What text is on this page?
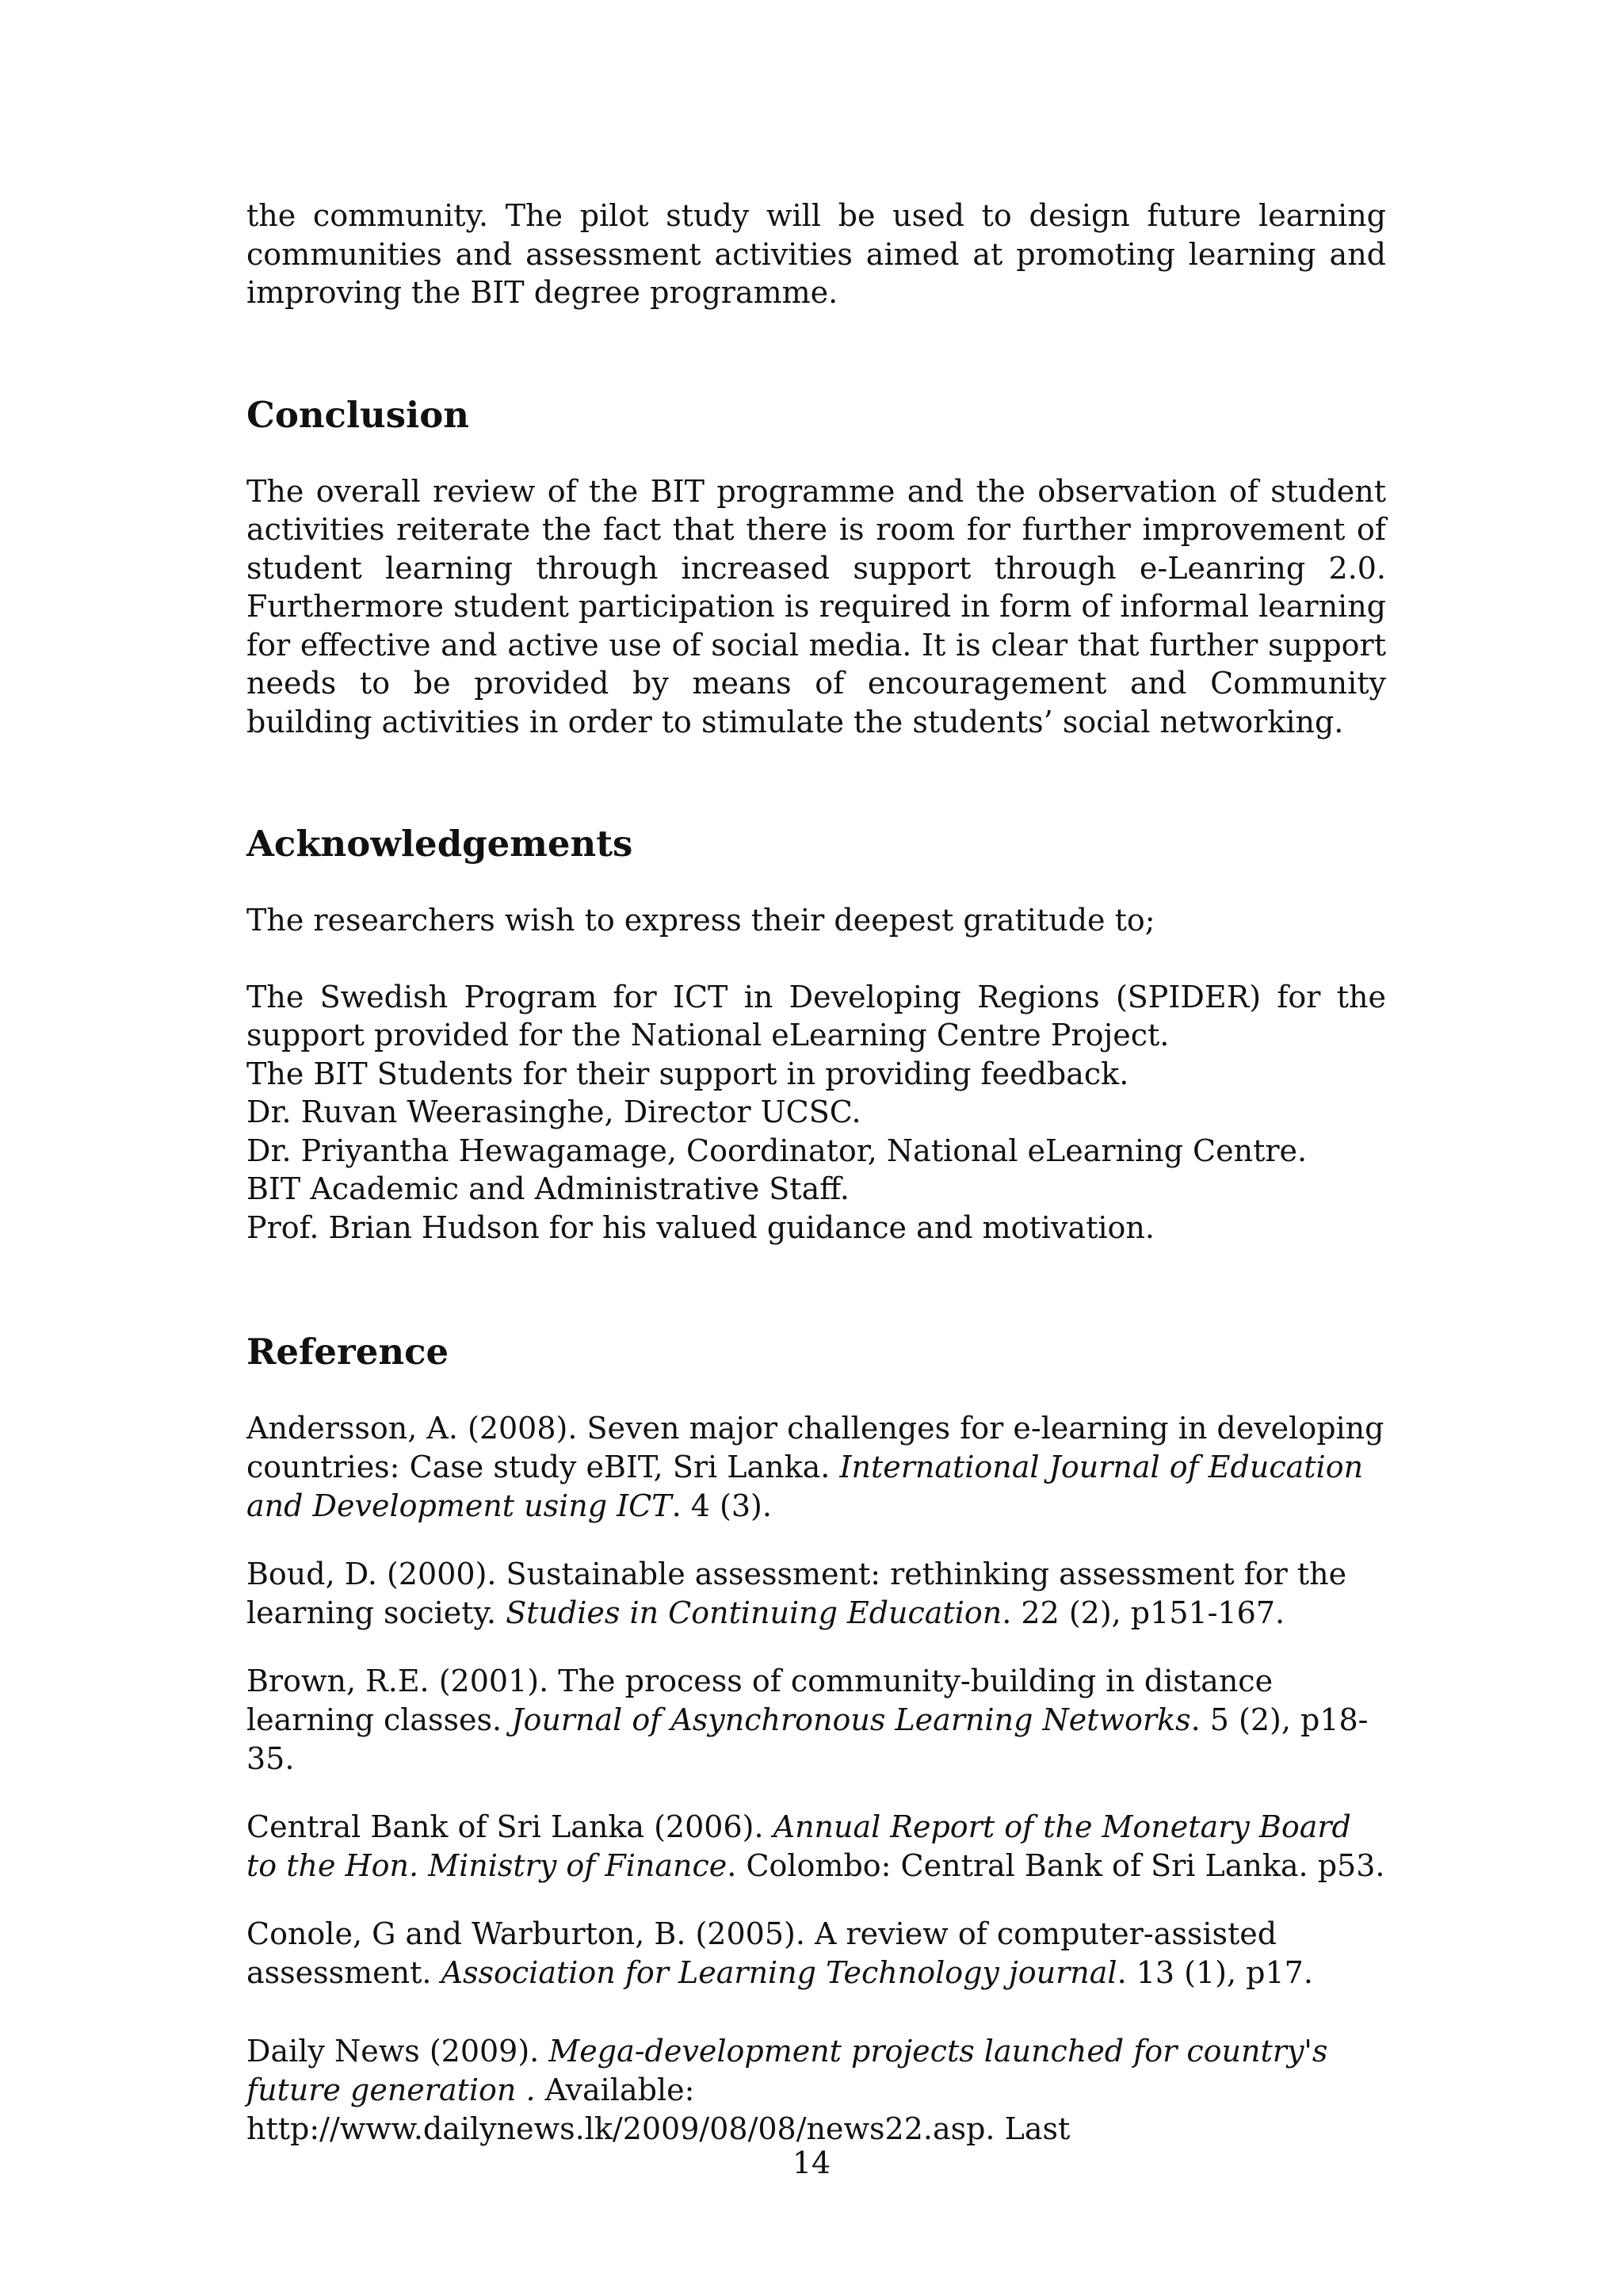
the community. The pilot study will be used to design future learning communities and assessment activities aimed at promoting learning and improving the BIT degree programme.

Conclusion

The overall review of the BIT programme and the observation of student activities reiterate the fact that there is room for further improvement of student learning through increased support through e-Leanring 2.0. Furthermore student participation is required in form of informal learning for effective and active use of social media. It is clear that further support needs to be provided by means of encouragement and Community building activities in order to stimulate the students’ social networking.

Acknowledgements

The researchers wish to express their deepest gratitude to;

The Swedish Program for ICT in Developing Regions (SPIDER) for the support provided for the National eLearning Centre Project.

The BIT Students for their support in providing feedback.

Dr. Ruvan Weerasinghe, Director UCSC.

Dr. Priyantha Hewagamage, Coordinator, National eLearning Centre.

BIT Academic and Administrative Staff.

Prof. Brian Hudson for his valued guidance and motivation.

Reference

Andersson, A. (2008). Seven major challenges for e-learning in developing countries: Case study eBIT, Sri Lanka. International Journal of Education and Development using ICT. 4 (3).

Boud, D. (2000). Sustainable assessment: rethinking assessment for the learning society. Studies in Continuing Education. 22 (2), p151-167.

Brown, R.E. (2001). The process of community-building in distance learning classes. Journal of Asynchronous Learning Networks. 5 (2), p18-35.

Central Bank of Sri Lanka (2006). Annual Report of the Monetary Board to the Hon. Ministry of Finance. Colombo: Central Bank of Sri Lanka. p53.

Conole, G and Warburton, B. (2005). A review of computer-assisted assessment. Association for Learning Technology journal. 13 (1), p17.

Daily News (2009). Mega-development projects launched for country's future generation . Available: http://www.dailynews.lk/2009/08/08/news22.asp. Last

14
